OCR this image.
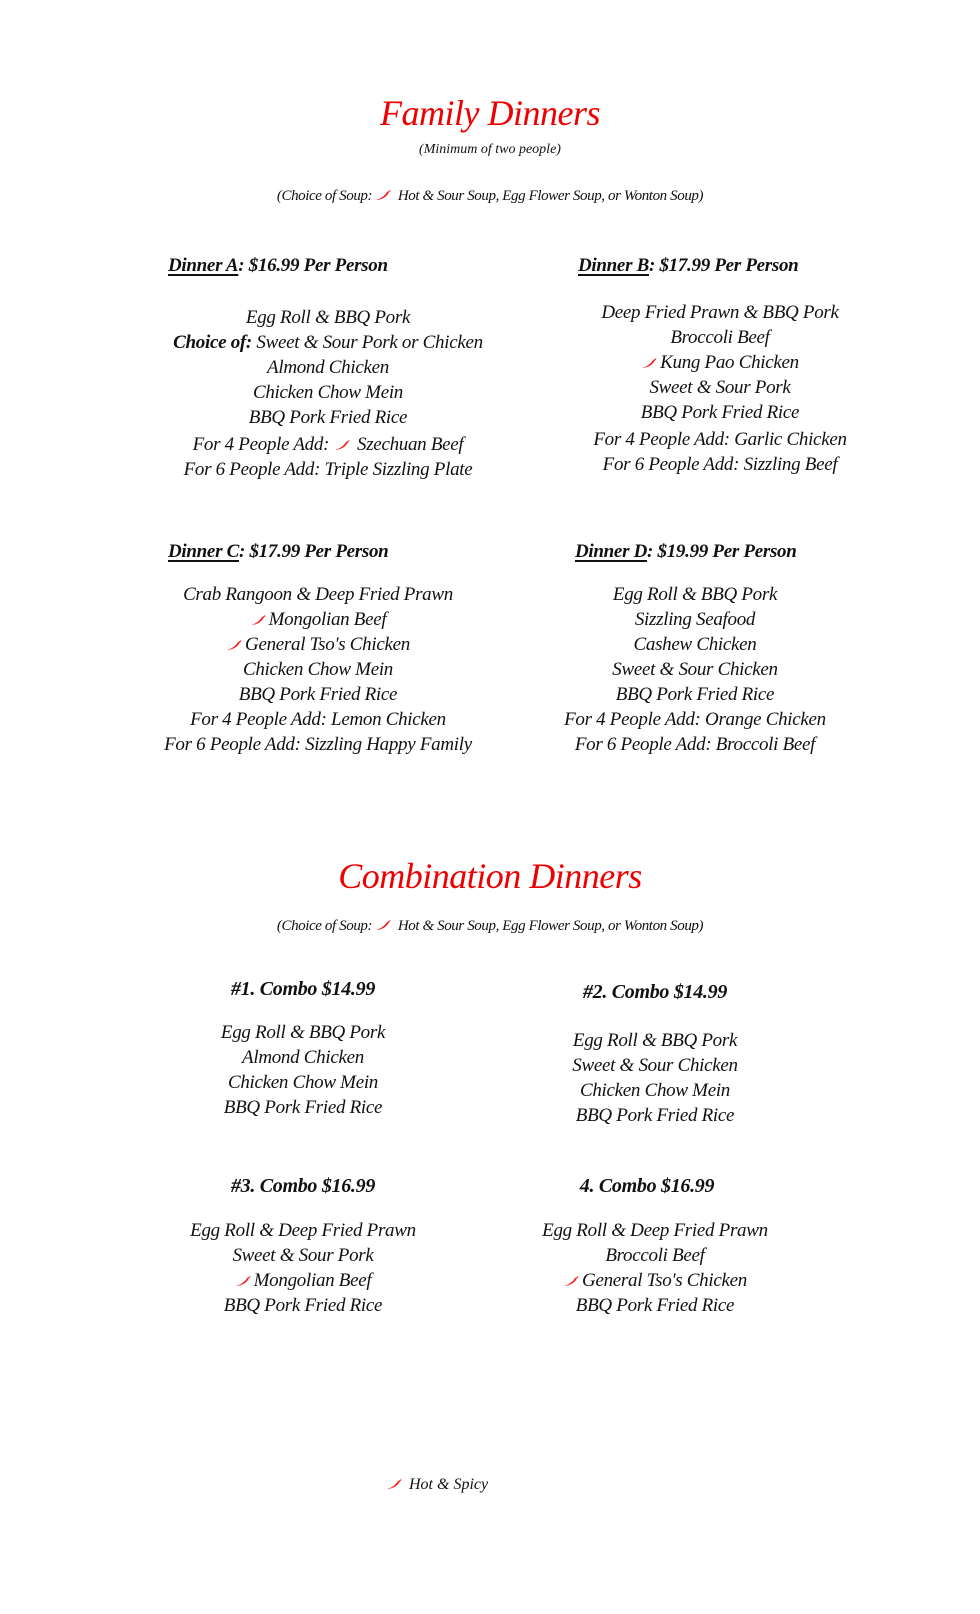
Family Dinners
(Minimum of two people)
(Choice of Soup: Hot & Sour Soup, Egg Flower Soup, or Wonton Soup)
Dinner A: $16.99 Per Person
Egg Roll & BBQ Pork
Choice of: Sweet & Sour Pork or Chicken
Almond Chicken
Chicken Chow Mein
BBQ Pork Fried Rice
For 4 People Add:  Szechuan Beef
For 6 People Add: Triple Sizzling Plate
Dinner B: $17.99 Per Person
Deep Fried Prawn & BBQ Pork
Broccoli Beef
Kung Pao Chicken
Sweet & Sour Pork
BBQ Pork Fried Rice
For 4 People Add: Garlic Chicken
For 6 People Add: Sizzling Beef
Dinner C: $17.99 Per Person
Crab Rangoon & Deep Fried Prawn
Mongolian Beef
General Tso's Chicken
Chicken Chow Mein
BBQ Pork Fried Rice
For 4 People Add: Lemon Chicken
For 6 People Add: Sizzling Happy Family
Dinner D: $19.99 Per Person
Egg Roll & BBQ Pork
Sizzling Seafood
Cashew Chicken
Sweet & Sour Chicken
BBQ Pork Fried Rice
For 4 People Add: Orange Chicken
For 6 People Add: Broccoli Beef
Combination Dinners
(Choice of Soup: Hot & Sour Soup, Egg Flower Soup, or Wonton Soup)
#1. Combo $14.99
Egg Roll & BBQ Pork
Almond Chicken
Chicken Chow Mein
BBQ Pork Fried Rice
#2. Combo $14.99
Egg Roll & BBQ Pork
Sweet & Sour Chicken
Chicken Chow Mein
BBQ Pork Fried Rice
#3. Combo $16.99
Egg Roll & Deep Fried Prawn
Sweet & Sour Pork
Mongolian Beef
BBQ Pork Fried Rice
4. Combo $16.99
Egg Roll & Deep Fried Prawn
Broccoli Beef
General Tso's Chicken
BBQ Pork Fried Rice
Hot & Spicy
